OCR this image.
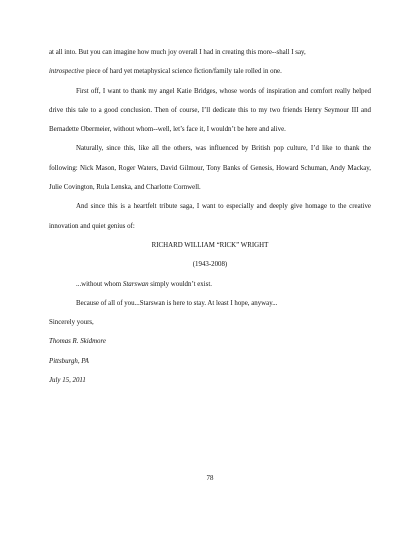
at all into. But you can imagine how much joy overall I had in creating this more--shall I say,
introspective piece of hard yet metaphysical science fiction/family tale rolled in one.

First off, I want to thank my angel Katie Bridges, whose words of inspiration and comfort really helped drive this tale to a good conclusion. Then of course, I’ll dedicate this to my two friends Henry Seymour III and Bernadette Obermeier, without whom--well, let’s face it, I wouldn’t be here and alive.

Naturally, since this, like all the others, was influenced by British pop culture, I’d like to thank the following: Nick Mason, Roger Waters, David Gilmour, Tony Banks of Genesis, Howard Schuman, Andy Mackay, Julie Covington, Rula Lenska, and Charlotte Cornwell.

And since this is a heartfelt tribute saga, I want to especially and deeply give homage to the creative innovation and quiet genius of:

RICHARD WILLIAM “RICK” WRIGHT

(1943-2008)

...without whom Starswan simply wouldn’t exist.

Because of all of you...Starswan is here to stay. At least I hope, anyway...

Sincerely yours,

Thomas R. Skidmore

Pittsburgh, PA

July 15, 2011

78
